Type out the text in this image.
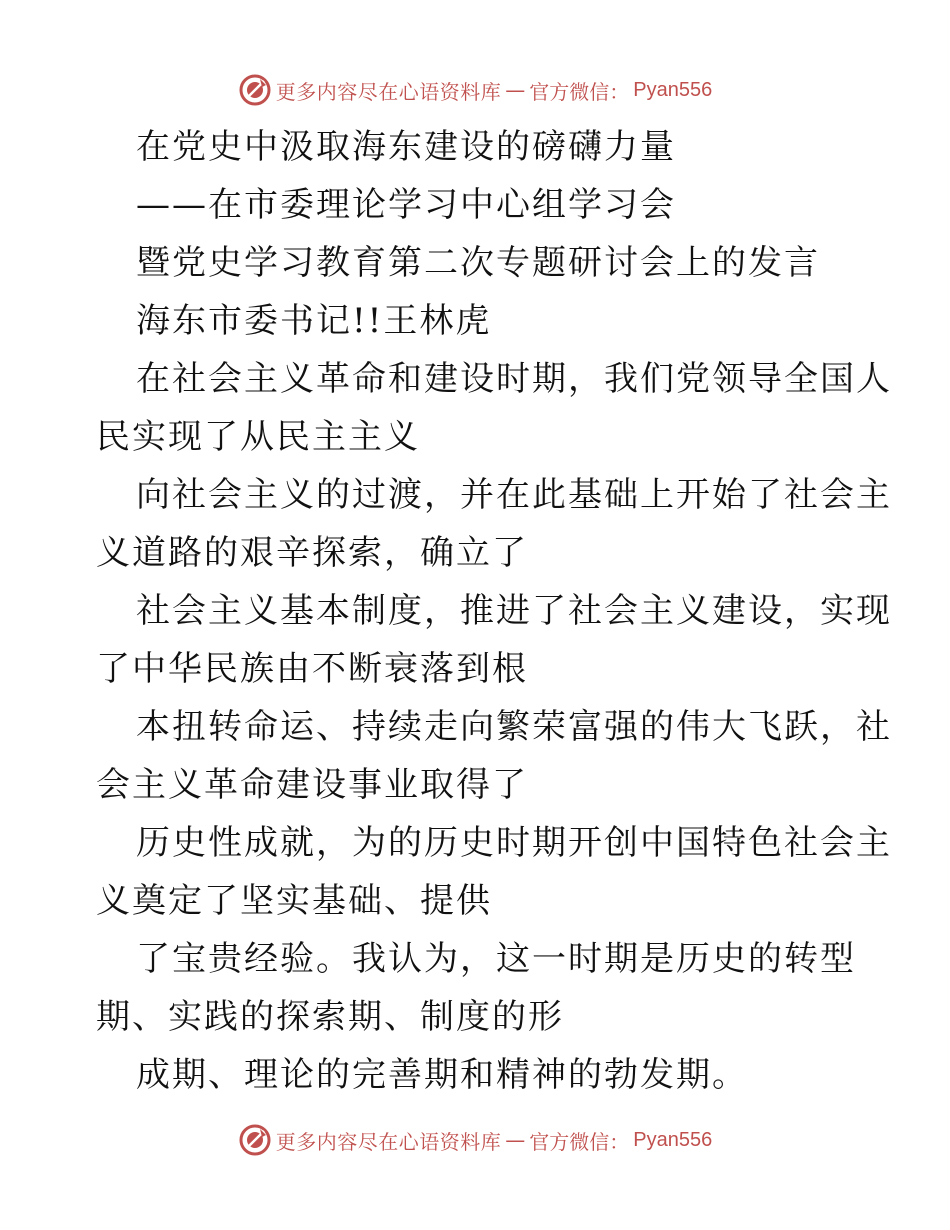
更多内容尽在心语资料库 — 官方微信： Pyan556
在党史中汲取海东建设的磅礴力量
——在市委理论学习中心组学习会
暨党史学习教育第二次专题研讨会上的发言
海东市委书记!!王林虎
在社会主义革命和建设时期，我们党领导全国人
民实现了从民主主义
向社会主义的过渡，并在此基础上开始了社会主
义道路的艰辛探索，确立了
社会主义基本制度，推进了社会主义建设，实现
了中华民族由不断衰落到根
本扭转命运、持续走向繁荣富强的伟大飞跃，社
会主义革命建设事业取得了
历史性成就，为的历史时期开创中国特色社会主
义奠定了坚实基础、提供
了宝贵经验。我认为，这一时期是历史的转型
期、实践的探索期、制度的形
成期、理论的完善期和精神的勃发期。
更多内容尽在心语资料库 — 官方微信： Pyan556
